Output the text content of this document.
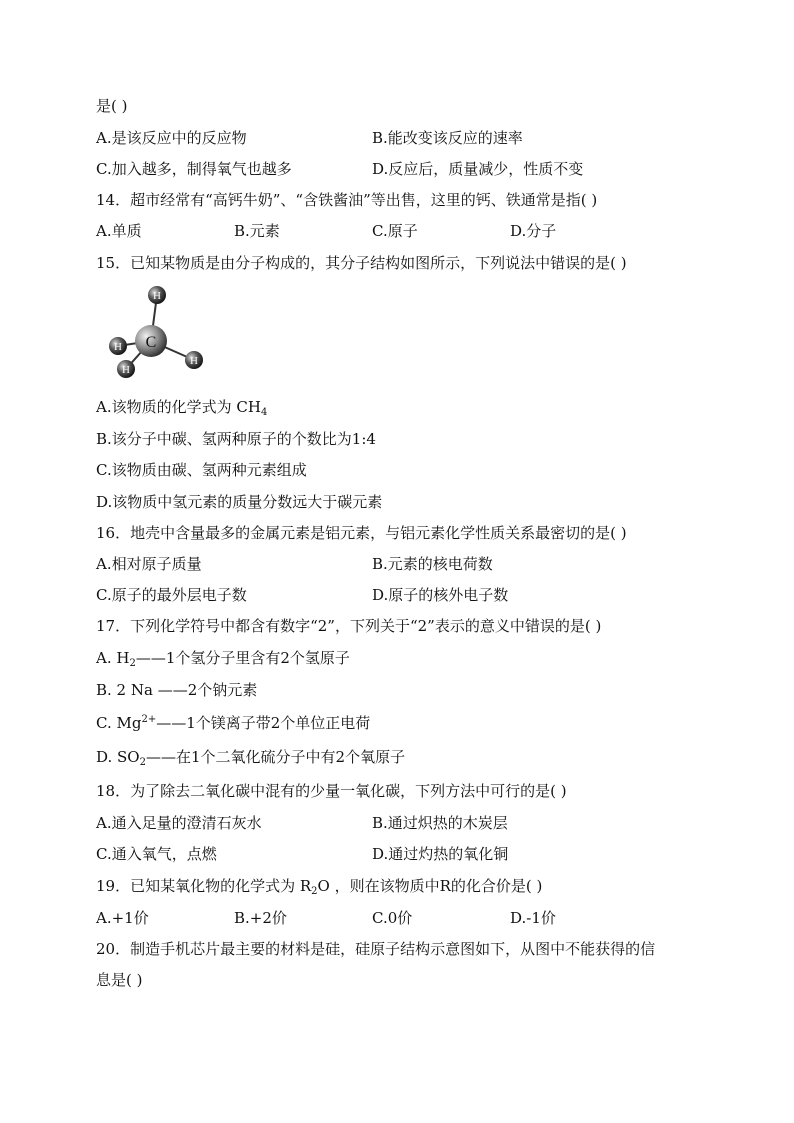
是( )
A.是该反应中的反应物	B.能改变该反应的速率
C.加入越多，制得氧气也越多	D.反应后，质量减少，性质不变
14．超市经常有“高钙牛奶”、“含铁酱油”等出售，这里的钙、铁通常是指( )
A.单质	B.元素	C.原子	D.分子
15．已知某物质是由分子构成的，其分子结构如图所示，下列说法中错误的是( )
H
H
H
C
H
A.该物质的化学式为 $CH_4$
B.该分子中碳、氢两种原子的个数比为1:4
C.该物质由碳、氢两种元素组成
D.该物质中氢元素的质量分数远大于碳元素
16．地壳中含量最多的金属元素是铝元素，与铝元素化学性质关系最密切的是( )
A.相对原子质量	B.元素的核电荷数
C.原子的最外层电子数	D.原子的核外电子数
17．下列化学符号中都含有数字“2”，下列关于“2”表示的意义中错误的是( )
A. $H_2——1$个氢分子里含有2个氢原子
B. 2 Na ——2个钠元素
C. $Mg^{2+}——1$个镁离子带2个单位正电荷
D. $SO_2——$在1个二氧化硫分子中有2个氧原子
18．为了除去二氧化碳中混有的少量一氧化碳，下列方法中可行的是( )
A.通入足量的澄清石灰水	B.通过炽热的木炭层
C.通入氧气，点燃	D.通过灼热的氧化铜
19．已知某氧化物的化学式为 $R_2O$ ，则在该物质中R的化合价是( )
A.+1价	B.+2价	C.0价	D.-1价
20．制造手机芯片最主要的材料是硅，硅原子结构示意图如下，从图中不能获得的信
息是( )
